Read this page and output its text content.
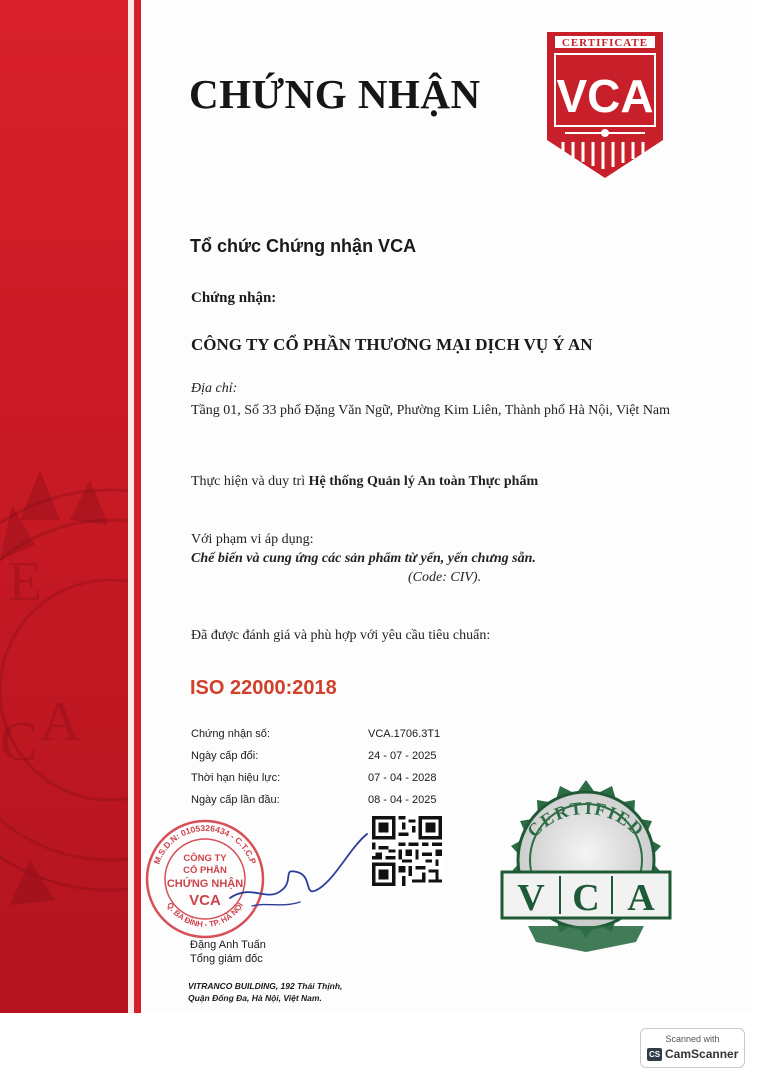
E
A
C
CHỨNG NHẬN
CERTIFICATE
VCA
Tổ chức Chứng nhận VCA
Chứng nhận:
CÔNG TY CỔ PHẦN THƯƠNG MẠI DỊCH VỤ Ý AN
Địa chỉ:
Tầng 01, Số 33 phố Đặng Văn Ngữ, Phường Kim Liên, Thành phố Hà Nội, Việt Nam
Thực hiện và duy trì Hệ thống Quản lý An toàn Thực phẩm
Với phạm vi áp dụng:
Chế biến và cung ứng các sản phẩm từ yến, yến chưng sẵn.
(Code: CIV).
Đã được đánh giá và phù hợp với yêu cầu tiêu chuẩn:
ISO 22000:2018
Chứng nhận số:	VCA.1706.3T1
Ngày cấp đổi:	24 - 07 - 2025
Thời hạn hiệu lực:	07 - 04 - 2028
Ngày cấp lần đầu:	08 - 04 - 2025
M.S.D.N: 0105326434 - C.T.C.P
Q. BA ĐÌNH - TP. HÀ NỘI
CÔNG TY
CỔ PHẦN
CHỨNG NHẬN
VCA
Đặng Anh Tuấn
Tổng giám đốc
VITRANCO BUILDING, 192 Thái Thịnh,
Quận Đống Đa, Hà Nội, Việt Nam.
CERTIFIED
V C A
Scanned with
CS CamScanner
